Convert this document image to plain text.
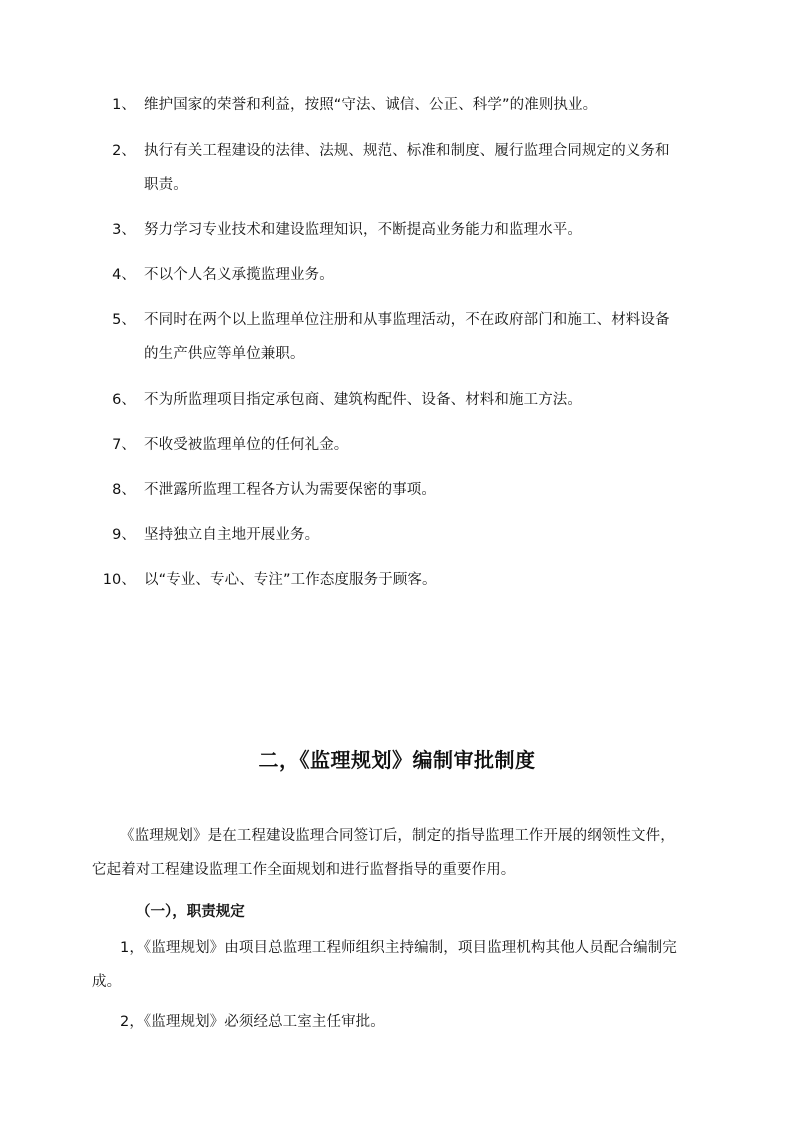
1、 维护国家的荣誉和利益，按照“守法、诚信、公正、科学”的准则执业。
2、 执行有关工程建设的法律、法规、规范、标准和制度、履行监理合同规定的义务和
职责。
3、 努力学习专业技术和建设监理知识，不断提高业务能力和监理水平。
4、 不以个人名义承揽监理业务。
5、 不同时在两个以上监理单位注册和从事监理活动，不在政府部门和施工、材料设备
的生产供应等单位兼职。
6、 不为所监理项目指定承包商、建筑构配件、设备、材料和施工方法。
7、 不收受被监理单位的任何礼金。
8、 不泄露所监理工程各方认为需要保密的事项。
9、 坚持独立自主地开展业务。
10、 以“专业、专心、专注”工作态度服务于顾客。
二，《监理规划》编制审批制度
《监理规划》是在工程建设监理合同签订后，制定的指导监理工作开展的纲领性文件，
它起着对工程建设监理工作全面规划和进行监督指导的重要作用。
（一），职责规定
1，《监理规划》由项目总监理工程师组织主持编制，项目监理机构其他人员配合编制完
成。
2，《监理规划》必须经总工室主任审批。
